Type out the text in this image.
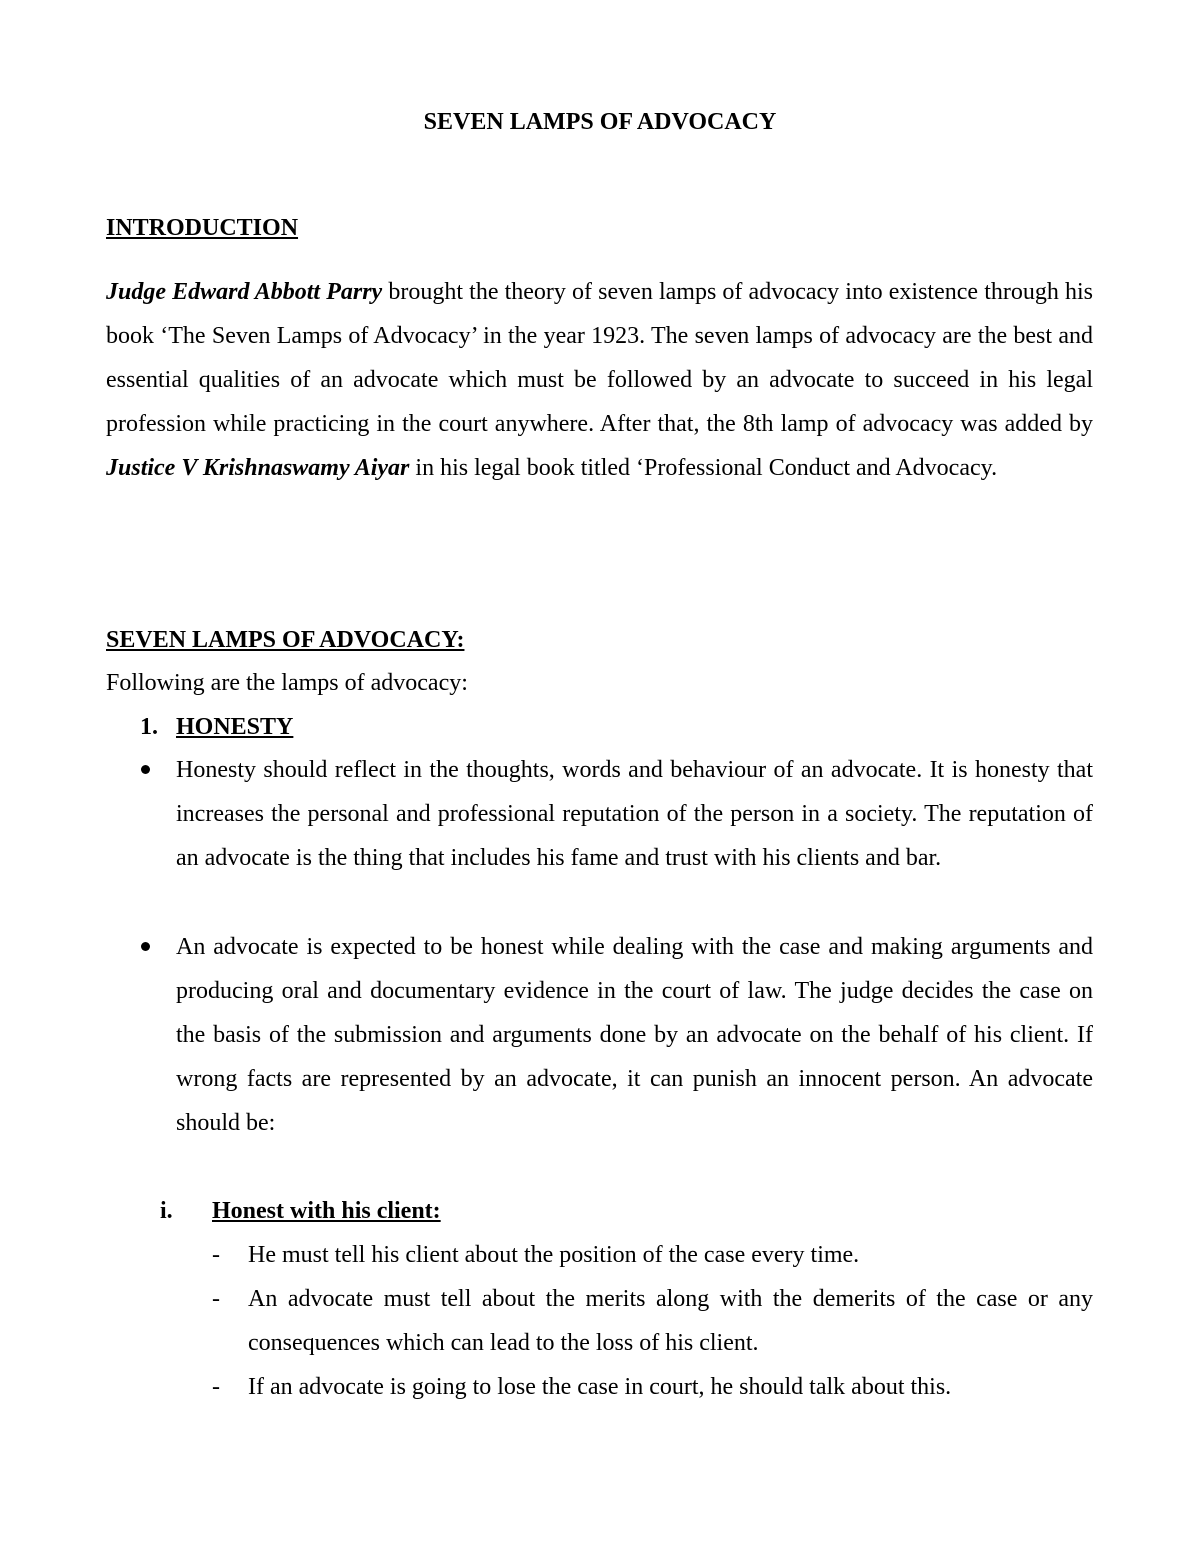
SEVEN LAMPS OF ADVOCACY
INTRODUCTION
Judge Edward Abbott Parry brought the theory of seven lamps of advocacy into existence through his book ‘The Seven Lamps of Advocacy’ in the year 1923. The seven lamps of advocacy are the best and essential qualities of an advocate which must be followed by an advocate to succeed in his legal profession while practicing in the court anywhere. After that, the 8th lamp of advocacy was added by Justice V Krishnaswamy Aiyar in his legal book titled ‘Professional Conduct and Advocacy.
SEVEN LAMPS OF ADVOCACY:
Following are the lamps of advocacy:
1. HONESTY
Honesty should reflect in the thoughts, words and behaviour of an advocate. It is honesty that increases the personal and professional reputation of the person in a society. The reputation of an advocate is the thing that includes his fame and trust with his clients and bar.
An advocate is expected to be honest while dealing with the case and making arguments and producing oral and documentary evidence in the court of law. The judge decides the case on the basis of the submission and arguments done by an advocate on the behalf of his client. If wrong facts are represented by an advocate, it can punish an innocent person. An advocate should be:
i. Honest with his client:
-	He must tell his client about the position of the case every time.
-	An advocate must tell about the merits along with the demerits of the case or any consequences which can lead to the loss of his client.
-	If an advocate is going to lose the case in court, he should talk about this.
